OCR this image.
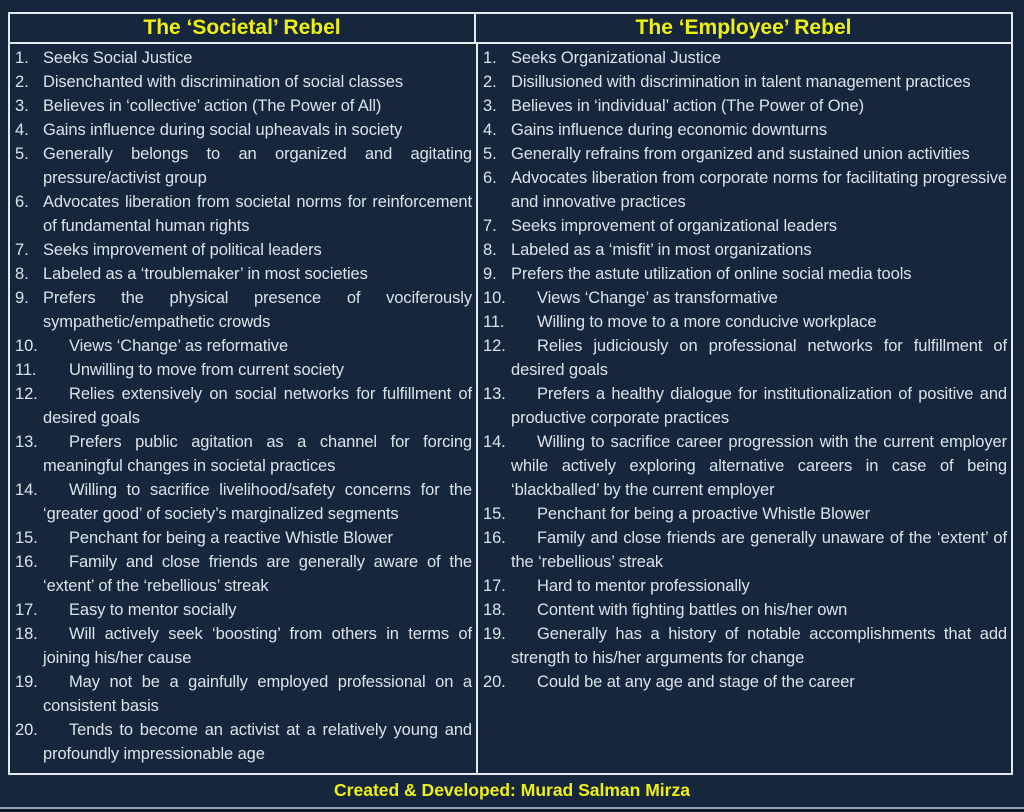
The ‘Societal’ Rebel	The ‘Employee’ Rebel
1. Seeks Social Justice
2. Disenchanted with discrimination of social classes
3. Believes in ‘collective’ action (The Power of All)
4. Gains influence during social upheavals in society
5. Generally belongs to an organized and agitating pressure/activist group
6. Advocates liberation from societal norms for reinforcement of fundamental human rights
7. Seeks improvement of political leaders
8. Labeled as a ‘troublemaker’ in most societies
9. Prefers the physical presence of vociferously sympathetic/empathetic crowds
10. Views ‘Change’ as reformative
11. Unwilling to move from current society
12. Relies extensively on social networks for fulfillment of desired goals
13. Prefers public agitation as a channel for forcing meaningful changes in societal practices
14. Willing to sacrifice livelihood/safety concerns for the ‘greater good’ of society’s marginalized segments
15. Penchant for being a reactive Whistle Blower
16. Family and close friends are generally aware of the ‘extent’ of the ‘rebellious’ streak
17. Easy to mentor socially
18. Will actively seek ‘boosting’ from others in terms of joining his/her cause
19. May not be a gainfully employed professional on a consistent basis
20. Tends to become an activist at a relatively young and profoundly impressionable age
1. Seeks Organizational Justice
2. Disillusioned with discrimination in talent management practices
3. Believes in ‘individual’ action (The Power of One)
4. Gains influence during economic downturns
5. Generally refrains from organized and sustained union activities
6. Advocates liberation from corporate norms for facilitating progressive and innovative practices
7. Seeks improvement of organizational leaders
8. Labeled as a ‘misfit’ in most organizations
9. Prefers the astute utilization of online social media tools
10. Views ‘Change’ as transformative
11. Willing to move to a more conducive workplace
12. Relies judiciously on professional networks for fulfillment of desired goals
13. Prefers a healthy dialogue for institutionalization of positive and productive corporate practices
14. Willing to sacrifice career progression with the current employer while actively exploring alternative careers in case of being ‘blackballed’ by the current employer
15. Penchant for being a proactive Whistle Blower
16. Family and close friends are generally unaware of the ‘extent’ of the ‘rebellious’ streak
17. Hard to mentor professionally
18. Content with fighting battles on his/her own
19. Generally has a history of notable accomplishments that add strength to his/her arguments for change
20. Could be at any age and stage of the career
Created & Developed: Murad Salman Mirza
